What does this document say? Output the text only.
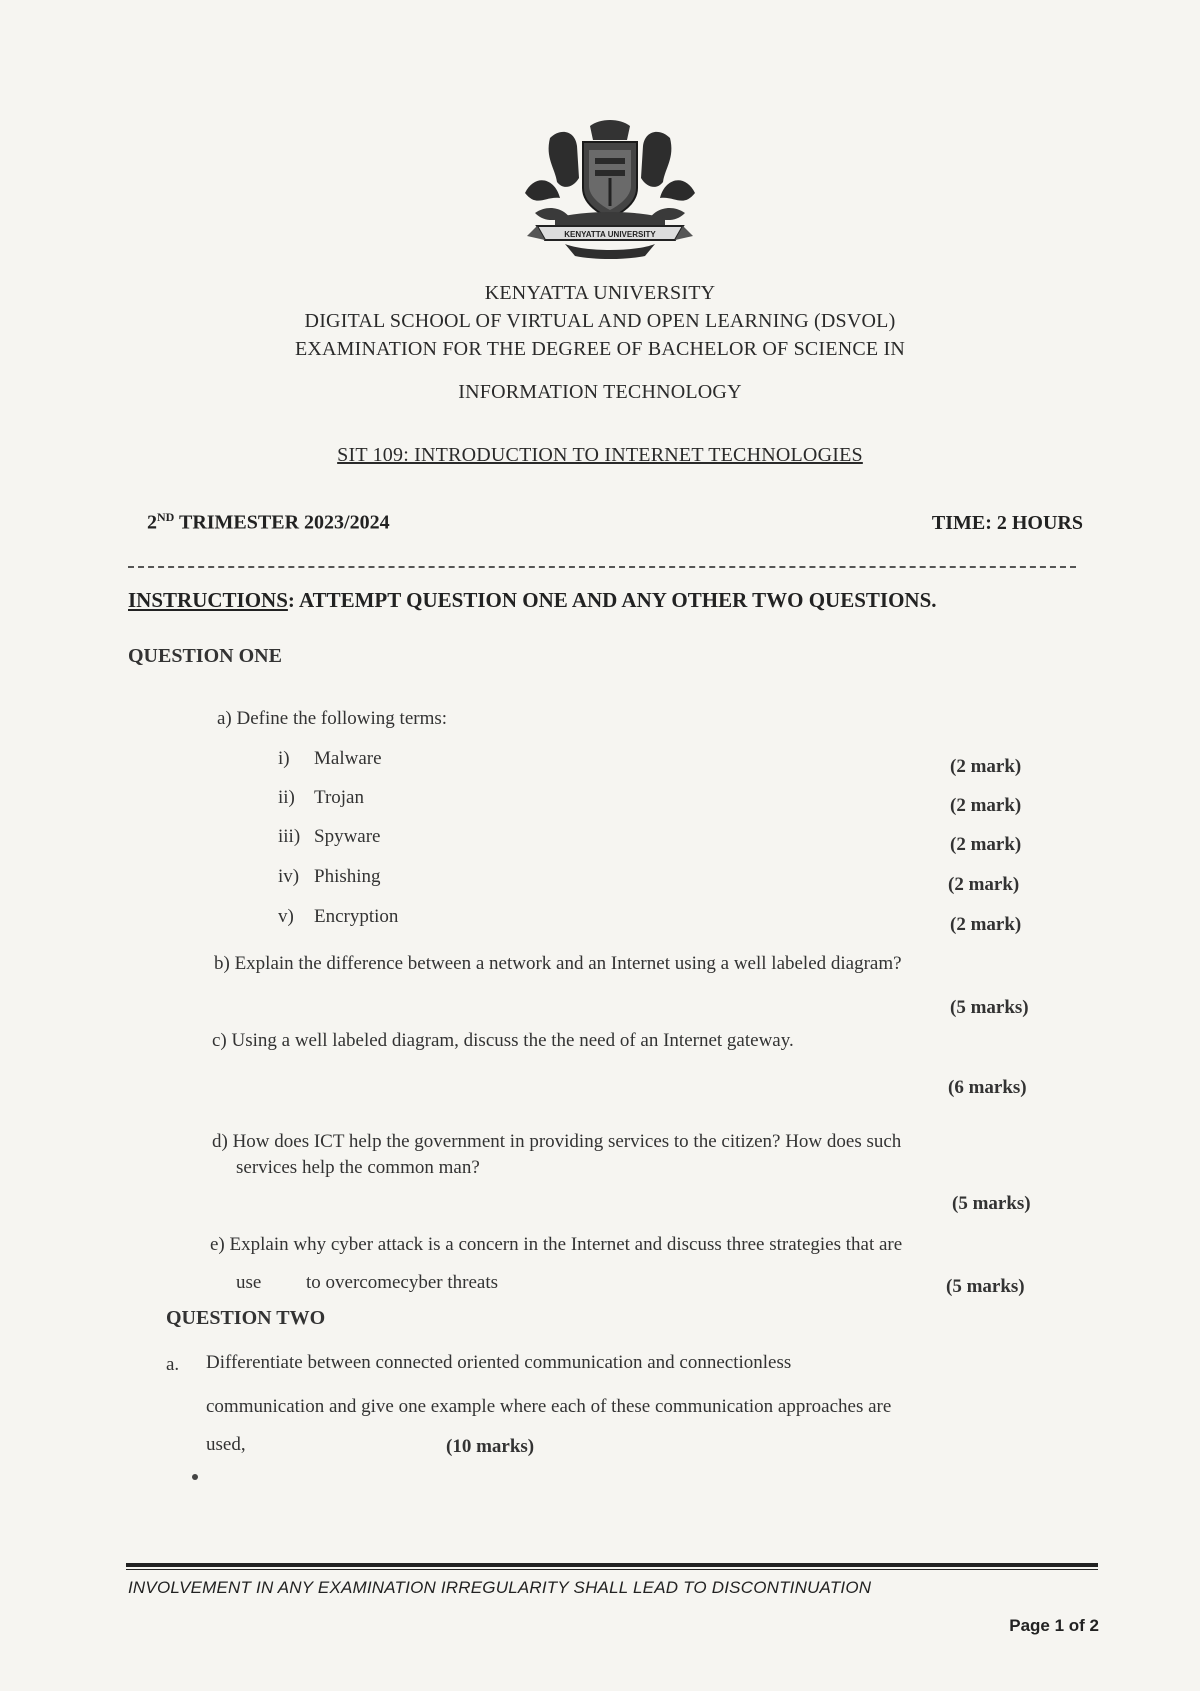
KENYATTA UNIVERSITY
KENYATTA UNIVERSITY
DIGITAL SCHOOL OF VIRTUAL AND OPEN LEARNING (DSVOL)
EXAMINATION FOR THE DEGREE OF BACHELOR OF SCIENCE IN
INFORMATION TECHNOLOGY
SIT 109: INTRODUCTION TO INTERNET TECHNOLOGIES
2ND TRIMESTER 2023/2024	TIME: 2 HOURS
INSTRUCTIONS: ATTEMPT QUESTION ONE AND ANY OTHER TWO QUESTIONS.
QUESTION ONE
a) Define the following terms:
i) Malware	(2 mark)
ii) Trojan	(2 mark)
iii) Spyware	(2 mark)
iv) Phishing	(2 mark)
v) Encryption	(2 mark)
b) Explain the difference between a network and an Internet using a well labeled diagram?
(5 marks)
c) Using a well labeled diagram, discuss the the need of an Internet gateway.
(6 marks)
d) How does ICT help the government in providing services to the citizen? How does such
services help the common man?
(5 marks)
e) Explain why cyber attack is a concern in the Internet and discuss three strategies that are
use to overcomecyber threats	(5 marks)
QUESTION TWO
a. Differentiate between connected oriented communication and connectionless
communication and give one example where each of these communication approaches are
used,	(10 marks)
INVOLVEMENT IN ANY EXAMINATION IRREGULARITY SHALL LEAD TO DISCONTINUATION
Page 1 of 2
